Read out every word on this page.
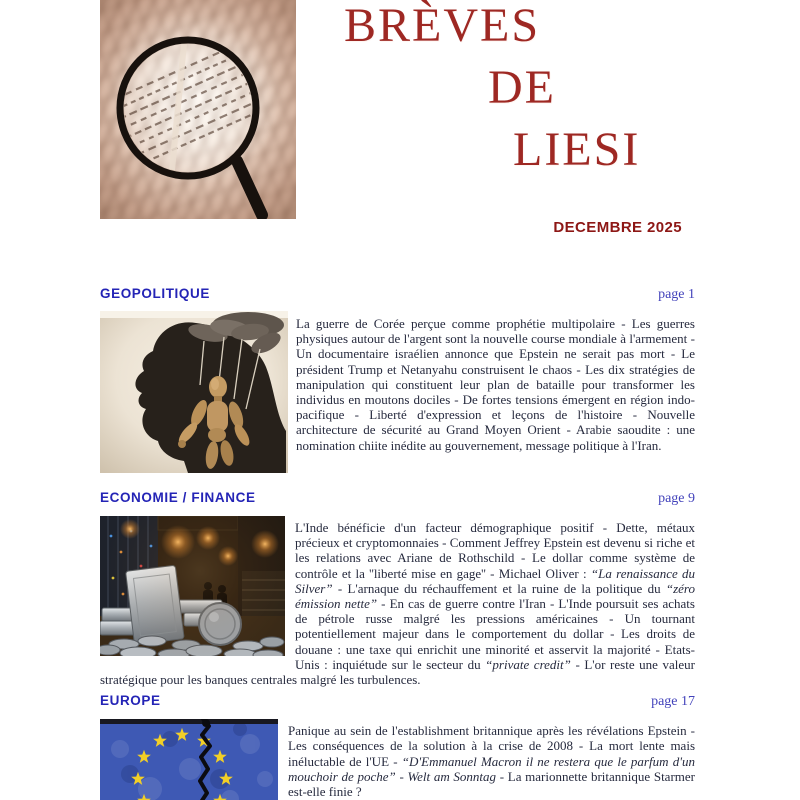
BRÈVES
DE
LIESI
DECEMBRE 2025
GEOPOLITIQUE	page 1

La guerre de Corée perçue comme prophétie multipolaire - Les guerres physiques autour de l'argent sont la nouvelle course mondiale à l'armement - Un documentaire israélien annonce que Epstein ne serait pas mort - Le président Trump et Netanyahu construisent le chaos - Les dix stratégies de manipulation qui constituent leur plan de bataille pour transformer les individus en moutons dociles - De fortes tensions émergent en région indo-pacifique - Liberté d'expression et leçons de l'histoire - Nouvelle architecture de sécurité au Grand Moyen Orient - Arabie saoudite : une nomination chiite inédite au gouvernement, message politique à l'Iran.

ECONOMIE / FINANCE	page 9

L'Inde bénéficie d'un facteur démographique positif - Dette, métaux précieux et cryptomonnaies - Comment Jeffrey Epstein est devenu si riche et les relations avec Ariane de Rothschild - Le dollar comme système de contrôle et la ''liberté mise en gage'' - Michael Oliver : “La renaissance du Silver” - L'arnaque du réchauffement et la ruine de la politique du “zéro émission nette” - En cas de guerre contre l'Iran - L'Inde poursuit ses achats de pétrole russe malgré les pressions américaines - Un tournant potentiellement majeur dans le comportement du dollar - Les droits de douane : une taxe qui enrichit une minorité et asservit la majorité - Etats-Unis : inquiétude sur le secteur du “private credit” - L'or reste une valeur stratégique pour les banques centrales malgré les turbulences.

EUROPE	page 17

Panique au sein de l'establishment britannique après les révélations Epstein - Les conséquences de la solution à la crise de 2008 - La mort lente mais inéluctable de l'UE - “D'Emmanuel Macron il ne restera que le parfum d'un mouchoir de poche” - Welt am Sonntag - La marionnette britannique Starmer est-elle finie ?
